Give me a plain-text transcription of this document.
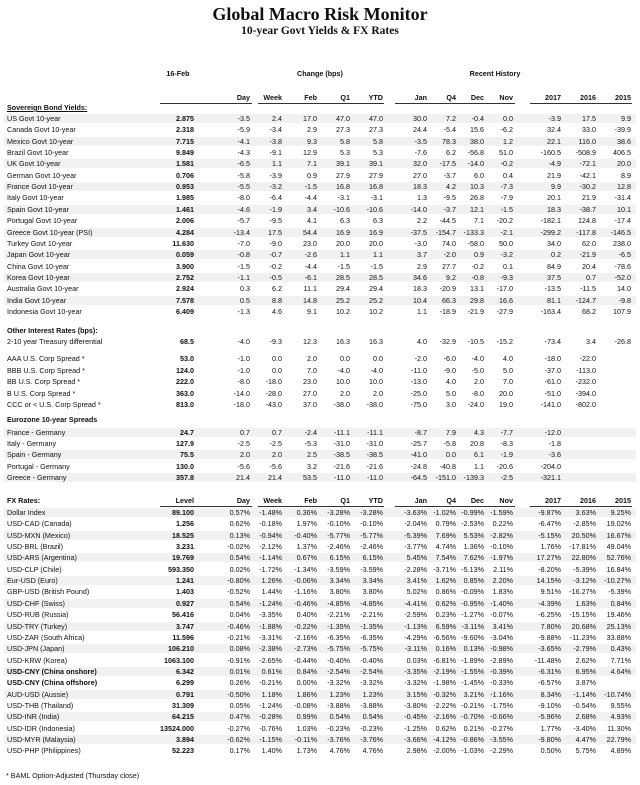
Global Macro Risk Monitor
10-year Govt Yields & FX Rates
16-Feb	Change (bps)	Recent History
Day	Week	Feb	Q1	YTD	Jan	Q4	Dec	Nov	2017	2016	2015
Sovereign Bond Yields:
US Govt 10-year	2.875	-3.5	2.4	17.0	47.0	47.0	30.0	7.2	-0.4	0.0	-3.9	17.5	9.9
Canada Govt 10-year	2.318	-5.9	-3.4	2.9	27.3	27.3	24.4	-5.4	15.6	-6.2	32.4	33.0	-39.9
Mexico Govt 10-year	7.715	-4.1	-3.8	9.3	5.8	5.8	-3.5	78.3	38.0	1.2	22.1	116.0	38.6
Brazil Govt 10-year	9.849	-4.3	-9.1	12.9	5.3	5.3	-7.6	6.2	-56.8	51.0	-160.5	-508.9	406.5
UK Govt 10-year	1.581	-6.5	1.1	7.1	39.1	39.1	32.0	-17.5	-14.0	-0.2	-4.9	-72.1	20.0
German Govt 10-year	0.706	-5.8	-3.9	0.9	27.9	27.9	27.0	-3.7	6.0	0.4	21.9	-42.1	8.9
France Govt 10-year	0.953	-5.5	-3.2	-1.5	16.8	16.8	18.3	4.2	10.3	-7.3	9.9	-30.2	12.8
Italy Govt 10-year	1.985	-8.0	-6.4	-4.4	-3.1	-3.1	1.3	-9.5	26.8	-7.9	20.1	21.9	-31.4
Spain Govt 10-year	1.461	-4.6	-1.9	3.4	-10.6	-10.6	-14.0	-3.7	12.1	-1.5	18.3	-38.7	10.1
Portugal Govt 10-year	2.006	-5.7	-9.5	4.1	6.3	6.3	2.2	-44.5	7.1	-20.2	-182.1	124.8	-17.4
Greece Govt 10-year (PSI)	4.284	-13.4	17.5	54.4	16.9	16.9	-37.5	-154.7	-133.3	-2.1	-299.2	-117.8	-146.5
Turkey Govt 10-year	11.630	-7.0	-9.0	23.0	20.0	20.0	-3.0	74.0	-58.0	50.0	34.0	62.0	238.0
Japan Govt 10-year	0.059	-0.8	-0.7	-2.6	1.1	1.1	3.7	-2.0	0.9	-3.2	0.2	-21.9	-6.5
China Govt 10-year	3.900	-1.5	-0.2	-4.4	-1.5	-1.5	2.9	27.7	-0.2	0.1	84.9	20.4	-78.6
Korea Govt 10-year	2.752	-1.1	-0.5	-6.1	28.5	28.5	34.6	9.2	-0.8	-9.3	37.5	0.7	-52.0
Australia Govt 10-year	2.924	0.3	6.2	11.1	29.4	29.4	18.3	-20.9	13.1	-17.0	-13.5	-11.5	14.0
India Govt 10-year	7.578	0.5	8.8	14.8	25.2	25.2	10.4	66.3	29.8	16.6	81.1	-124.7	-9.8
Indonesia Govt 10-year	6.409	-1.3	4.6	9.1	10.2	10.2	1.1	-18.9	-21.9	-27.9	-163.4	68.2	107.9
Other Interest Rates (bps):
2-10 year Treasury differential	68.5	-4.0	-9.3	12.3	16.3	16.3	4.0	-32.9	-10.5	-15.2	-73.4	3.4	-26.8
AAA U.S. Corp Spread *	53.0	-1.0	0.0	2.0	0.0	0.0	-2.0	-6.0	-4.0	4.0	-18.0	-22.0
BBB U.S. Corp Spread *	124.0	-1.0	0.0	7.0	-4.0	-4.0	-11.0	-9.0	-5.0	5.0	-37.0	-113.0
BB U.S. Corp Spread *	222.0	-8.0	-18.0	23.0	10.0	10.0	-13.0	4.0	2.0	7.0	-61.0	-232.0
B U.S. Corp Spread *	363.0	-14.0	-28.0	27.0	2.0	2.0	-25.0	5.0	-8.0	20.0	-51.0	-394.0
CCC or < U.S. Corp Spread *	813.0	-18.0	-43.0	37.0	-38.0	-38.0	-75.0	3.0	-24.0	19.0	-141.0	-802.0
Eurozone 10-year Spreads
France - Germany	24.7	0.7	0.7	-2.4	-11.1	-11.1	-8.7	7.9	4.3	-7.7	-12.0
Italy - Germany	127.9	-2.5	-2.5	-5.3	-31.0	-31.0	-25.7	-5.8	20.8	-8.3	-1.8
Spain - Germany	75.5	2.0	2.0	2.5	-38.5	-38.5	-41.0	0.0	6.1	-1.9	-3.6
Portugal - Germany	130.0	-5.6	-5.6	3.2	-21.6	-21.6	-24.8	-40.8	1.1	-20.6	-204.0
Greece - Germany	357.8	21.4	21.4	53.5	-11.0	-11.0	-64.5	-151.0	-139.3	-2.5	-321.1
FX Rates:	Level	Day	Week	Feb	Q1	YTD	Jan	Q4	Dec	Nov	2017	2016	2015
Dollar Index	89.100	0.57%	-1.48%	0.36%	-3.28%	-3.28%	-3.63% -1.02% -0.99% -1.59%	-9.87%	3.63%	9.25%
USD-CAD (Canada)	1.256	0.62%	-0.18%	1.97%	-0.10%	-0.10%	-2.04%	0.79% -2.53%	0.22%	-6.47%	-2.85%	19.02%
USD-MXN (Mexico)	18.525	0.13%	-0.94%	-0.40%	-5.77%	-5.77%	-5.39%	7.69%	5.53% -2.82%	-5.15%	20.50%	16.67%
USD-BRL (Brazil)	3.231	-0.02%	-2.12%	1.37%	-2.46%	-2.46%	-3.77%	4.74%	1.36% -0.10%	1.76%	-17.81%	49.04%
USD-ARS (Argentina)	19.769	0.54%	-1.14%	0.67%	6.15%	6.15%	5.45%	7.54%	7.62% -1.97%	17.27%	22.80%	52.76%
USD-CLP (Chile)	593.350	0.02%	-1.72%	-1.34%	-3.59%	-3.59%	-2.28% -3.71% -5.13%	2.11%	-8.20%	-5.39%	16.84%
Eur-USD (Euro)	1.241	-0.80%	1.26%	-0.06%	3.34%	3.34%	3.41%	1.62%	0.85%	2.20%	14.15%	-3.12%	-10.27%
GBP-USD (British Pound)	1.403	-0.52%	1.44%	-1.16%	3.80%	3.80%	5.02%	0.86% -0.09%	1.83%	9.51%	-16.27%	-5.39%
USD-CHF (Swiss)	0.927	0.54%	-1.24%	-0.46%	-4.85%	-4.85%	-4.41%	0.62% -0.95% -1.40%	-4.39%	1.63%	0.84%
USD-RUB (Russia)	56.416	0.04%	-3.35%	0.40%	-2.21%	-2.21%	-2.59%	0.23% -1.27% -0.07%	-6.25%	-15.15%	19.46%
USD-TRY (Turkey)	3.747	-0.46%	-1.88%	-0.22%	-1.35%	-1.35%	-1.13%	6.59% -3.11%	3.41%	7.80%	20.68%	25.13%
USD-ZAR (South Africa)	11.596	-0.21%	-3.31%	-2.16%	-6.35%	-6.35%	-4.29% -6.56% -9.60% -3.04%	-9.88%	-11.23%	33.88%
USD-JPN (Japan)	106.210	0.08%	-2.38%	-2.73%	-5.75%	-5.75%	-3.11%	0.16%	0.13% -0.98%	-3.65%	-2.79%	0.43%
USD-KRW (Korea)	1063.100	-0.91%	-2.65%	-0.44%	-0.40%	-0.40%	0.03% -6.81% -1.89% -2.89%	-11.48%	2.62%	7.71%
USD-CNY (China onshore)	6.342	0.01%	0.61%	0.84%	-2.54%	-2.54%	-3.35% -2.19% -1.55% -0.39%	-6.31%	6.95%	4.64%
USD-CNY (China offshore)	6.299	0.26%	-0.21%	0.00%	-3.32%	-3.32%	-3.32% -1.98% -1.45% -0.33%	-6.57%	3.87%
AUD-USD (Aussie)	0.791	-0.50%	1.18%	1.86%	1.23%	1.23%	3.15% -0.32%	3.21% -1.16%	8.34%	-1.14%	-10.74%
USD-THB (Thailand)	31.309	0.05%	-1.24%	-0.08%	-3.88%	-3.88%	-3.80% -2.22% -0.21% -1.75%	-9.10%	-0.54%	9.55%
USD-INR (India)	64.215	0.47%	-0.28%	0.99%	0.54%	0.54%	-0.45% -2.16% -0.70% -0.66%	-5.96%	2.68%	4.93%
USD-IDR (Indonesia)	13524.000	-0.27%	-0.76%	1.03%	-0.23%	-0.23%	-1.25%	0.62%	0.21% -0.27%	1.77%	-3.40%	11.30%
USD-MYR (Malaysia)	3.894	-0.62%	-1.15%	-0.11%	-3.76%	-3.76%	-3.66% -4.12% -0.86% -3.55%	-9.80%	4.47%	22.79%
USD-PHP (Philippines)	52.223	0.17%	1.40%	1.73%	4.76%	4.76%	2.98% -2.00% -1.03% -2.29%	0.50%	5.75%	4.89%
* BAML Option-Adjusted (Thursday close)
